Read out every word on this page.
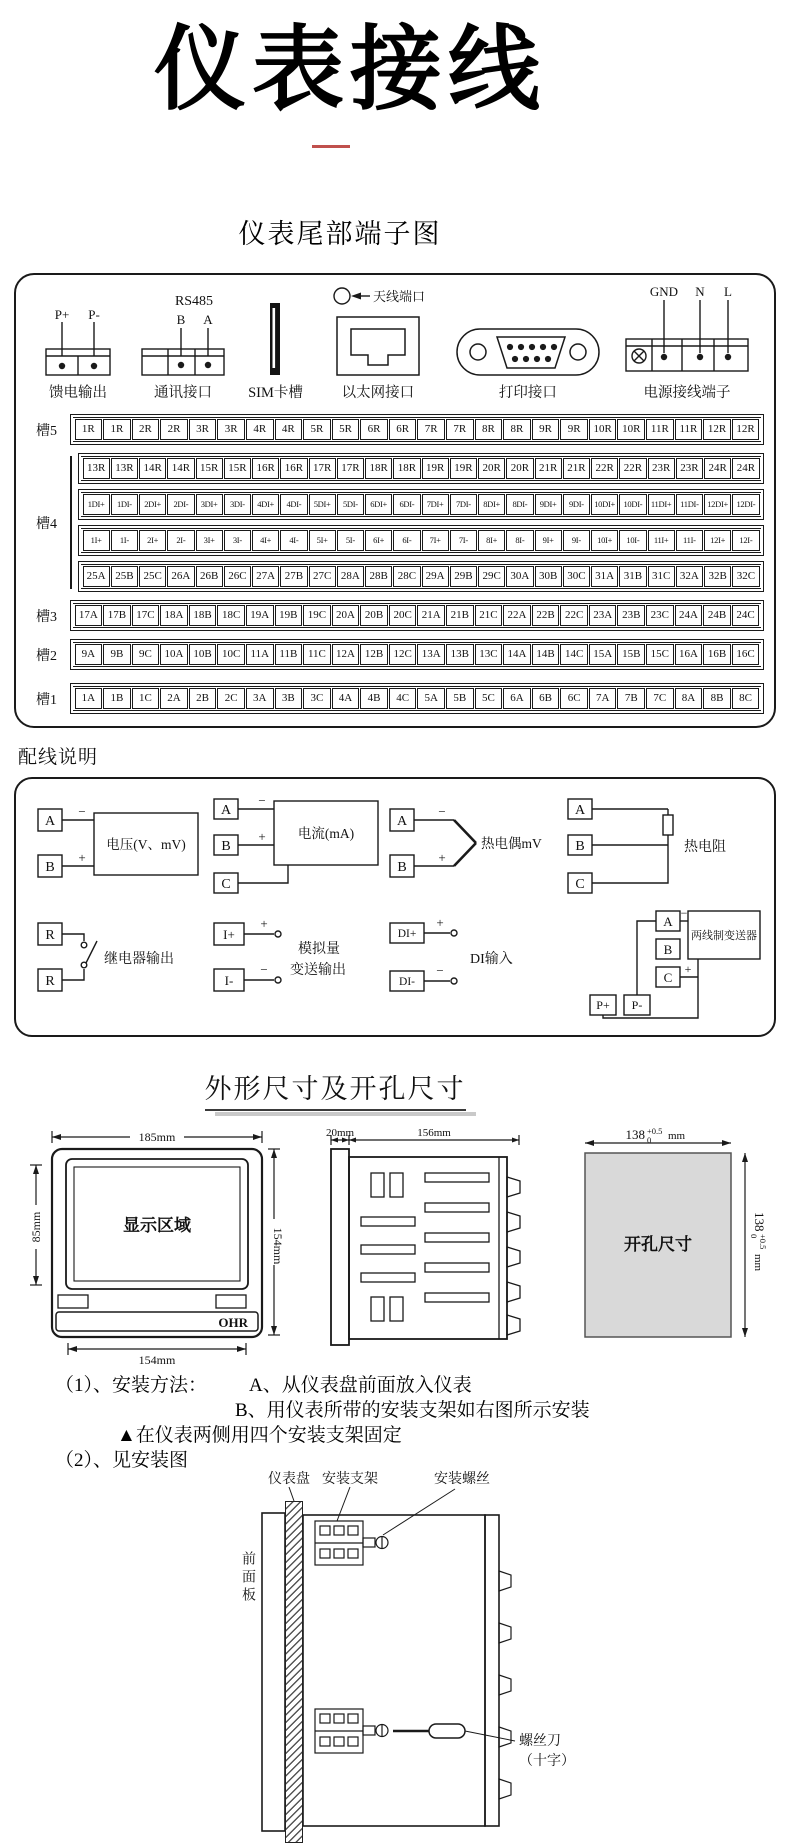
仪表接线
仪表尾部端子图
P+ P-
馈电输出
RS485
B A
通讯接口 SIM卡槽
天线端口
以太网接口	打印接口
GND N L
电源接线端子
槽5	1R	1R	2R	2R	3R	3R	4R	4R	5R	5R	6R	6R	7R	7R	8R	8R	9R	9R	10R 10R 11R 11R 12R 12R
槽4
13R 13R 14R 14R 15R 15R 16R 16R 17R 17R 18R 18R 19R 19R 20R 20R 21R 21R 22R 22R 23R 23R 24R 24R
1DI+	1DI-	2DI+	2DI-	3DI+	3DI-	4DI+	4DI-	5DI+	5DI-	6DI+	6DI-	7DI+	7DI-	8DI+	8DI-	9DI+	9DI-	10DI+ 10DI-	11DI+	11DI-	12DI+ 12DI-
1I+	1I-	2I+	2I-	3I+	3I-	4I+	4I-	5I+	5I-	6I+	6I-	7I+	7I-	8I+	8I-	9I+	9I-	10I+	10I-	11I+	11I-	12I+	12I-
25A 25B 25C 26A 26B 26C 27A 27B 27C 28A 28B 28C 29A 29B 29C 30A 30B 30C 31A 31B 31C 32A 32B 32C
槽3	17A 17B 17C 18A 18B 18C 19A 19B 19C 20A 20B 20C 21A 21B 21C 22A 22B 22C 23A 23B 23C 24A 24B 24C
槽2	9A	9B	9C	10A 10B 10C 11A 11B 11C 12A 12B 12C 13A 13B 13C 14A 14B 14C 15A 15B 15C 16A 16B 16C
槽1	1A	1B	1C	2A	2B	2C	3A	3B	3C	4A	4B	4C	5A	5B	5C	6A	6B	6C	7A	7B	7C	8A	8B	8C
配线说明
A
B
−
+
电压(V、mV)
A
B
C
−
+ 电流(mA)
A
B
−
+
热电偶mV
A
B
C
热电阻
R
R
继电器输出
I+
I-
+
−
模拟量
变送输出
DI+
DI-
+
−
DI输入
A
B
C
P+ P-
−
+
两线制变送器
外形尺寸及开孔尺寸
185mm
显示区域
OHR
85mm
154mm
154mm
20mm	156mm	138 +0.5
0 mm
开孔尺寸
138
+0.5
0
mm
（1）、安装方法： A、从仪表盘前面放入仪表
B、用仪表所带的安装支架如右图所示安装
▲在仪表两侧用四个安装支架固定
（2）、见安装图
仪表盘 安装支架	安装螺丝
螺丝刀
（十字）
前面板
